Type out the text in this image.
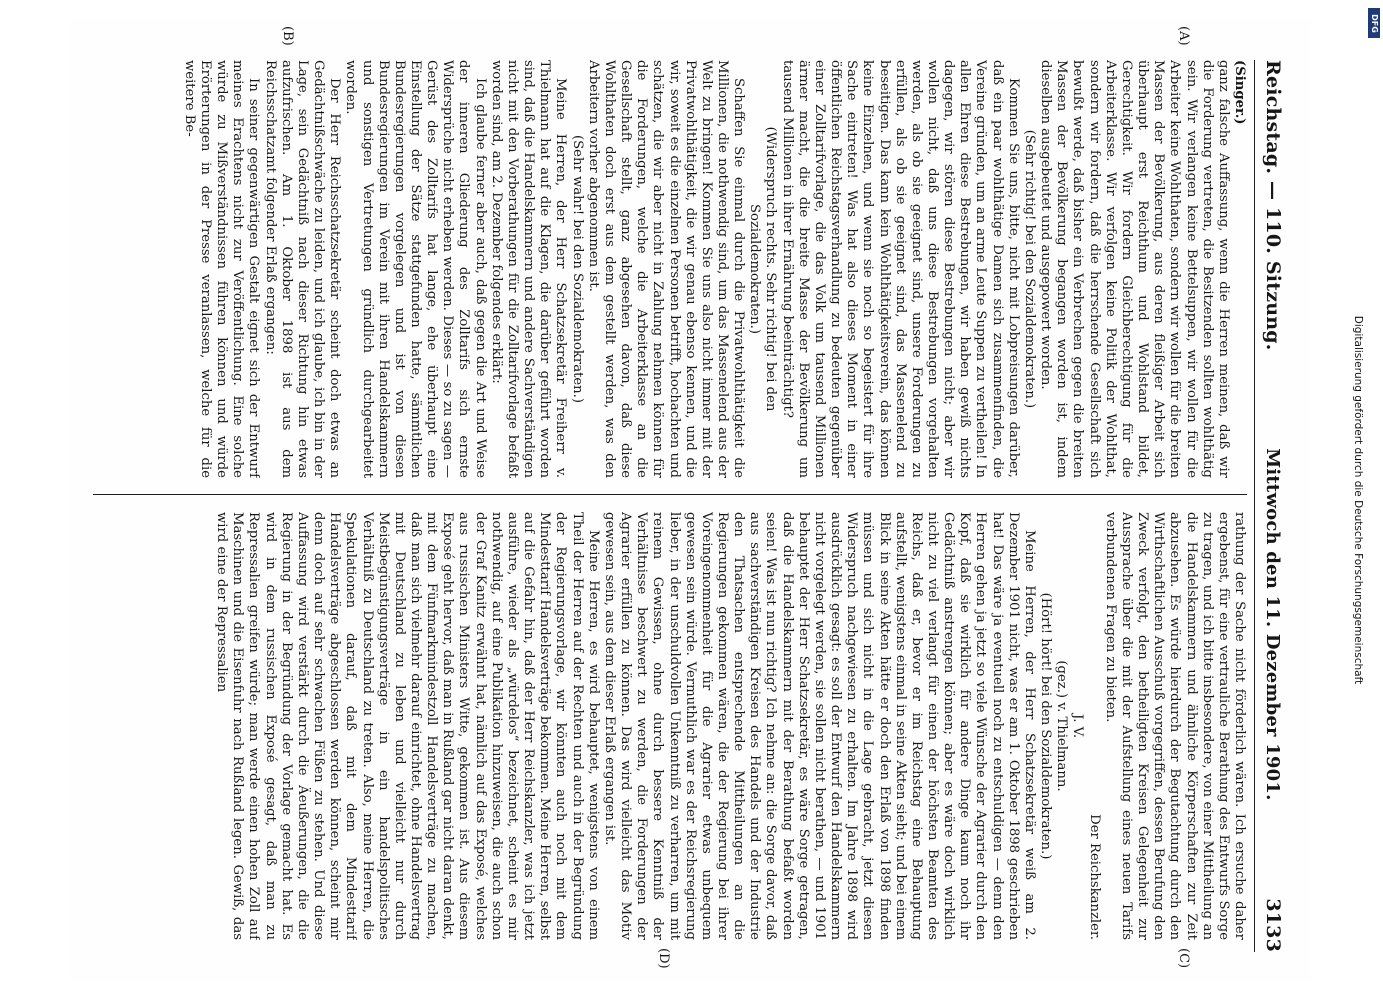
Reichstag. — 110. Sitzung.
Mittwoch den 11. Dezember 1901.
3133
(A)
(B)
(C)
(D)

(Singer.)

ganz falsche Auffassung, wenn die Herren meinen, daß wir die Forderung vertreten, die Besitzenden sollten wohlthätig sein. Wir verlangen keine Bettelsuppen, wir wollen für die Arbeiter keine Wohlthaten, sondern wir wollen für die breiten Massen der Bevölkerung, aus deren fleißiger Arbeit sich überhaupt erst Reichthum und Wohlstand bildet, Gerechtigkeit. Wir fordern Gleichberechtigung für die Arbeiterklasse. Wir verfolgen keine Politik der Wohlthat, sondern wir fordern, daß die herrschende Gesellschaft sich bewußt werde, daß bisher ein Verbrechen gegen die breiten Massen der Bevölkerung begangen worden ist, indem dieselben ausgebeutet und ausgepowert worden.

(Sehr richtig! bei den Sozialdemokraten.)

Kommen Sie uns, bitte, nicht mit Lobpreisungen darüber, daß ein paar wohlthätige Damen sich zusammenfinden, die Vereine gründen, um an arme Leute Suppen zu vertheilen! In allen Ehren diese Bestrebungen, wir haben gewiß nichts dagegen, wir stören diese Bestrebungen nicht; aber wir wollen nicht, daß uns diese Bestrebungen vorgehalten werden, als ob sie geeignet sind, unsere Forderungen zu erfüllen, als ob sie geeignet sind, das Massenelend zu beseitigen. Das kann kein Wohlthätigkeitsverein, das können keine Einzelnen, und wenn sie noch so begeistert für ihre Sache eintreten! Was hat also dieses Moment in einer öffentlichen Reichstagsverhandlung zu bedeuten gegenüber einer Zolltarifvorlage, die das Volk um tausend Millionen ärmer macht, die die breite Masse der Bevölkerung um tausend Millionen in ihrer Ernährung beeinträchtigt?

(Widerspruch rechts. Sehr richtig! bei den Sozialdemokraten.)

Schaffen Sie einmal durch die Privatwohlthätigkeit die Millionen, die nothwendig sind, um das Massenelend aus der Welt zu bringen! Kommen Sie uns also nicht immer mit der Privatwohlthätigkeit, die wir genau ebenso kennen, und die wir, soweit es die einzelnen Personen betrifft, hochachten und schätzen, die wir aber nicht in Zahlung nehmen können für die Forderungen, welche die Arbeiterklasse an die Gesellschaft stellt, ganz abgesehen davon, daß diese Wohlthaten doch erst aus dem gestellt werden, was den Arbeitern vorher abgenommen ist.

(Sehr wahr! bei den Sozialdemokraten.)

Meine Herren, der Herr Schatzsekretär Freiherr v. Thielmann hat auf die Klagen, die darüber geführt worden sind, daß die Handelskammern und andere Sachverständigen nicht mit den Vorberathungen für die Zolltarifvorlage befaßt worden sind, am 2. Dezember folgendes erklärt:

Ich glaube ferner aber auch, daß gegen die Art und Weise der inneren Gliederung des Zolltarifs sich ernste Widersprüche nicht erheben werden. Dieses — so zu sagen — Gerüst des Zolltarifs hat lange, ehe überhaupt eine Einstellung der Sätze stattgefunden hatte, sämmtlichen Bundesregierungen vorgelegen und ist von diesen Bundesregierungen im Verein mit ihren Handelskammern und sonstigen Vertretungen gründlich durchgearbeitet worden.

Der Herr Reichsschatzsekretär scheint doch etwas an Gedächtnißschwäche zu leiden, und ich glaube, ich bin in der Lage, sein Gedächtniß nach dieser Richtung hin etwas aufzufrischen. Am 1. Oktober 1898 ist aus dem Reichsschatzamt folgender Erlaß ergangen:

In seiner gegenwärtigen Gestalt eignet sich der Entwurf meines Erachtens nicht zur Veröffentlichung. Eine solche würde zu Mißverständnissen führen können und würde Erörterungen in der Presse veranlassen, welche für die weitere Be-

rathung der Sache nicht förderlich wären. Ich ersuche daher ergebenst, für eine vertrauliche Berathung des Entwurfs Sorge zu tragen, und ich bitte insbesondere, von einer Mittheilung an die Handelskammern und ähnliche Körperschaften zur Zeit abzusehen. Es würde hierdurch der Begutachtung durch den Wirthschaftlichen Ausschuß vorgegriffen, dessen Berufung den Zweck verfolgt, den betheiligten Kreisen Gelegenheit zur Aussprache über die mit der Aufstellung eines neuen Tarifs verbundenen Fragen zu bieten.

Der Reichskanzler.

J. V.

(gez.) v. Thielmann.

(Hört! hört! bei den Sozialdemokraten.)

Meine Herren, der Herr Schatzsekretär weiß am 2. Dezember 1901 nicht, was er am 1. Oktober 1898 geschrieben hat! Das wäre ja eventuell noch zu entschuldigen — denn den Herren gehen ja jetzt so viele Wünsche der Agrarier durch den Kopf, daß sie wirklich für andere Dinge kaum noch ihr Gedächtniß anstrengen können; aber es wäre doch wirklich nicht zu viel verlangt für einen der höchsten Beamten des Reichs, daß er, bevor er im Reichstag eine Behauptung aufstellt, wenigstens einmal in seine Akten sieht; und bei einem Blick in seine Akten hätte er doch den Erlaß von 1898 finden müssen und sich nicht in die Lage gebracht, jetzt diesen Widerspruch nachgewiesen zu erhalten. Im Jahre 1898 wird ausdrücklich gesagt: es soll der Entwurf den Handelskammern nicht vorgelegt werden, sie sollen nicht berathen, — und 1901 behauptet der Herr Schatzsekretär, es wäre Sorge getragen, daß die Handelskammern mit der Berathung befaßt worden seien! Was ist nun richtig? Ich nehme an: die Sorge davor, daß aus sachverständigen Kreisen des Handels und der Industrie den Thatsachen entsprechende Mittheilungen an die Regierungen gekommen wären, die der Regierung bei ihrer Voreingenommenheit für die Agrarier etwas unbequem gewesen sein würde. Vermuthlich war es der Reichsregierung lieber, in der unschuldvollen Unkenntniß zu verharren, um mit reinem Gewissen, ohne durch bessere Kenntniß der Verhältnisse beschwert zu werden, die Forderungen der Agrarier erfüllen zu können. Das wird vielleicht das Motiv gewesen sein, aus dem dieser Erlaß ergangen ist.

Meine Herren, es wird behauptet, wenigstens von einem Theil der Herren auf der Rechten und auch in der Begründung der Regierungsvorlage, wir könnten auch noch mit dem Mindesttarif Handelsverträge bekommen. Meine Herren, selbst auf die Gefahr hin, daß der Herr Reichskanzler, was ich jetzt ausführe, wieder als „würdelos“ bezeichnet, scheint es mir nothwendig, auf eine Publikation hinzuweisen, die auch schon der Graf Kanitz erwähnt hat, nämlich auf das Exposé, welches aus russischen Ministers Witte, gekommen ist. Aus diesem Exposé geht hervor, daß man in Rußland gar nicht daran denkt, mit dem Fünfmarkmindestzoll Handelsverträge zu machen, daß man sich vielmehr darauf einrichtet, ohne Handelsvertrag mit Deutschland zu leben und vielleicht nur durch Meistbegünstigungsverträge in ein handelspolitisches Verhältniß zu Deutschland zu treten. Also, meine Herren, die Spekulationen darauf, daß mit dem Mindesttarif Handelsverträge abgeschlossen werden können, scheint mir denn doch auf sehr schwachen Füßen zu stehen. Und diese Auffassung wird verstärkt durch die Äeußerungen, die die Regierung in der Begründung der Vorlage gemacht hat. Es wird in dem russischen Exposé gesagt, daß man zu Repressalien greifen würde; man werde einen hohen Zoll auf Maschinen und die Eisenfuhr nach Rußland legen. Gewiß, das wird eine der Repressalien	Digitalisierung gefördert durch die Deutsche Forschungsgemeinschaft
DFG
